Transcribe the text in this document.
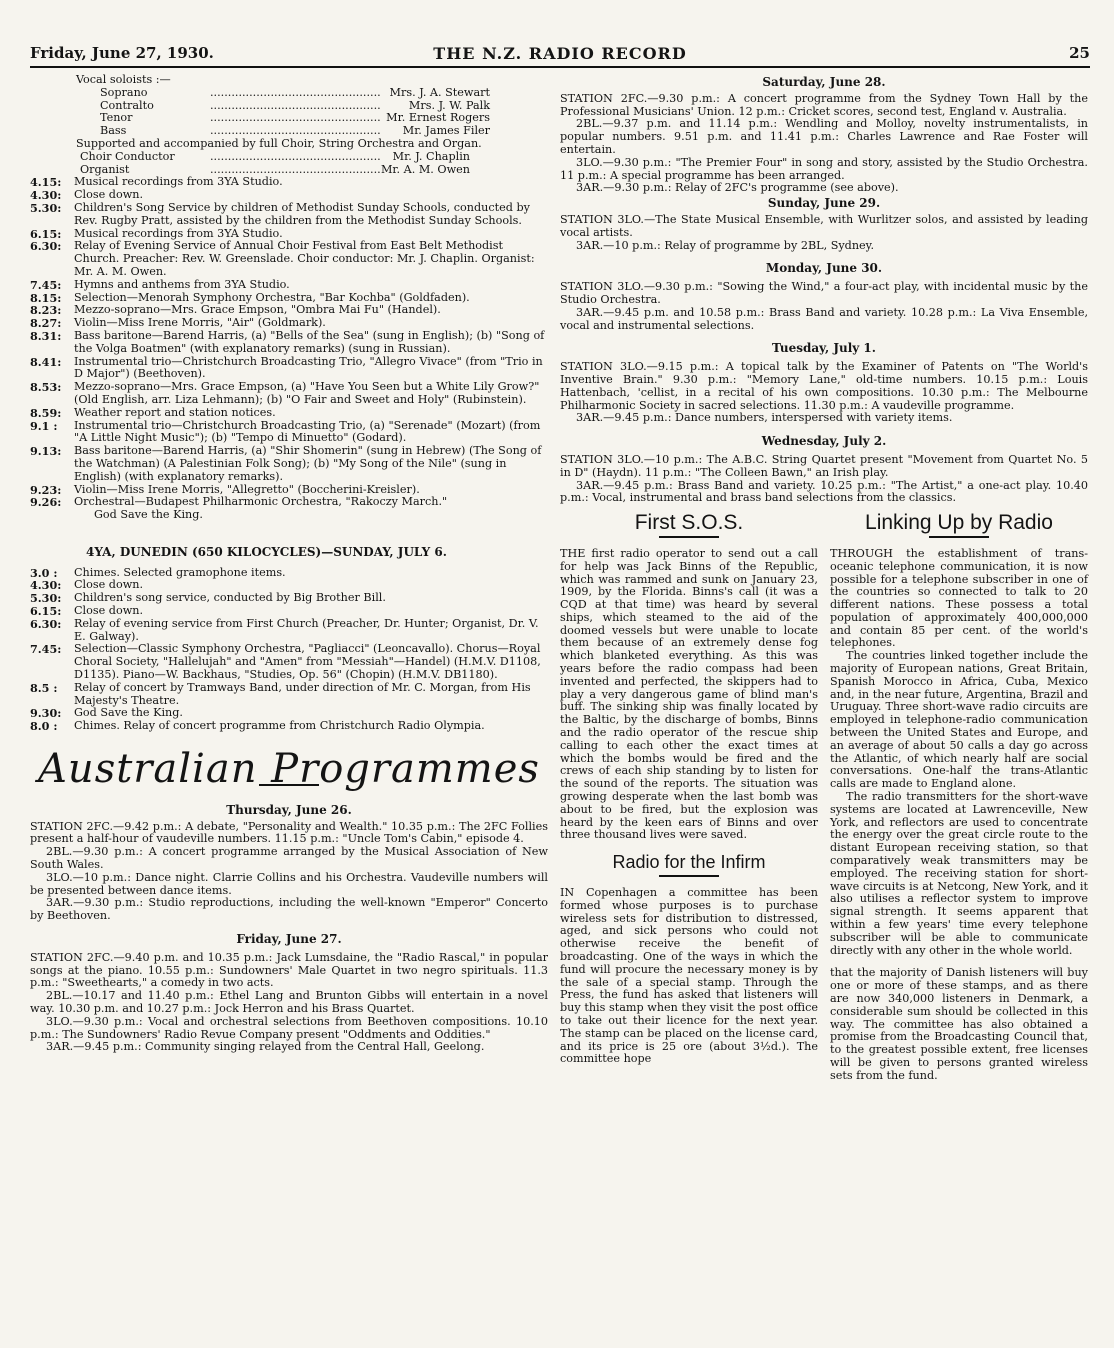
Friday, June 27, 1930.	THE N.Z. RADIO RECORD	25
Vocal soloists :—
Soprano	................................................ Mrs. J. A. Stewart
Contralto	................................................	Mrs. J. W. Palk
Tenor	................................................ Mr. Ernest Rogers
Bass	................................................	Mr. James Filer
Supported and accompanied by full Choir, String Orchestra and Organ.
Choir Conductor	................................................	Mr. J. Chaplin
Organist	................................................ Mr. A. M. Owen
4.15:	Musical recordings from 3YA Studio.
4.30:	Close down.
5.30:	Children's Song Service by children of Methodist Sunday Schools, conducted by Rev. Rugby Pratt, assisted by the children from the Methodist Sunday Schools.
6.15:	Musical recordings from 3YA Studio.
6.30:	Relay of Evening Service of Annual Choir Festival from East Belt Methodist Church. Preacher: Rev. W. Greenslade. Choir conductor: Mr. J. Chaplin. Organist: Mr. A. M. Owen.
7.45:	Hymns and anthems from 3YA Studio.
8.15:	Selection—Menorah Symphony Orchestra, "Bar Kochba" (Goldfaden).
8.23:	Mezzo-soprano—Mrs. Grace Empson, "Ombra Mai Fu" (Handel).
8.27:	Violin—Miss Irene Morris, "Air" (Goldmark).
8.31:	Bass baritone—Barend Harris, (a) "Bells of the Sea" (sung in English); (b) "Song of the Volga Boatmen" (with explanatory remarks) (sung in Russian).
8.41:	Instrumental trio—Christchurch Broadcasting Trio, "Allegro Vivace" (from "Trio in D Major") (Beethoven).
8.53:	Mezzo-soprano—Mrs. Grace Empson, (a) "Have You Seen but a White Lily Grow?" (Old English, arr. Liza Lehmann); (b) "O Fair and Sweet and Holy" (Rubinstein).
8.59:	Weather report and station notices.
9.1 :	Instrumental trio—Christchurch Broadcasting Trio, (a) "Serenade" (Mozart) (from "A Little Night Music"); (b) "Tempo di Minuetto" (Godard).
9.13:	Bass baritone—Barend Harris, (a) "Shir Shomerin" (sung in Hebrew) (The Song of the Watchman) (A Palestinian Folk Song); (b) "My Song of the Nile" (sung in English) (with explanatory remarks).
9.23:	Violin—Miss Irene Morris, "Allegretto" (Boccherini-Kreisler).
9.26:	Orchestral—Budapest Philharmonic Orchestra, "Rakoczy March."
God Save the King.
4YA, DUNEDIN (650 KILOCYCLES)—SUNDAY, JULY 6.
3.0 :	Chimes. Selected gramophone items.
4.30:	Close down.
5.30:	Children's song service, conducted by Big Brother Bill.
6.15:	Close down.
6.30:	Relay of evening service from First Church (Preacher, Dr. Hunter; Organist, Dr. V. E. Galway).
7.45:	Selection—Classic Symphony Orchestra, "Pagliacci" (Leoncavallo). Chorus—Royal Choral Society, "Hallelujah" and "Amen" from "Messiah"—Handel) (H.M.V. D1108, D1135). Piano—W. Backhaus, "Studies, Op. 56" (Chopin) (H.M.V. DB1180).
8.5 :	Relay of concert by Tramways Band, under direction of Mr. C. Morgan, from His Majesty's Theatre.
9.30:	God Save the King.
8.0 :	Chimes. Relay of concert programme from Christchurch Radio Olympia.
Australian Programmes
Thursday, June 26.

STATION 2FC.—9.42 p.m.: A debate, "Personality and Wealth." 10.35 p.m.: The 2FC Follies present a half-hour of vaudeville numbers. 11.15 p.m.: "Uncle Tom's Cabin," episode 4.

2BL.—9.30 p.m.: A concert programme arranged by the Musical Association of New South Wales.

3LO.—10 p.m.: Dance night. Clarrie Collins and his Orchestra. Vaudeville numbers will be presented between dance items.

3AR.—9.30 p.m.: Studio reproductions, including the well-known "Emperor" Concerto by Beethoven.

Friday, June 27.

STATION 2FC.—9.40 p.m. and 10.35 p.m.: Jack Lumsdaine, the "Radio Rascal," in popular songs at the piano. 10.55 p.m.: Sundowners' Male Quartet in two negro spirituals. 11.3 p.m.: "Sweethearts," a comedy in two acts.

2BL.—10.17 and 11.40 p.m.: Ethel Lang and Brunton Gibbs will entertain in a novel way. 10.30 p.m. and 10.27 p.m.: Jock Herron and his Brass Quartet.

3LO.—9.30 p.m.: Vocal and orchestral selections from Beethoven compositions. 10.10 p.m.: The Sundowners' Radio Revue Company present "Oddments and Oddities."

3AR.—9.45 p.m.: Community singing relayed from the Central Hall, Geelong.

Saturday, June 28.

STATION 2FC.—9.30 p.m.: A concert programme from the Sydney Town Hall by the Professional Musicians' Union. 12 p.m.: Cricket scores, second test, England v. Australia.

2BL.—9.37 p.m. and 11.14 p.m.: Wendling and Molloy, novelty instrumentalists, in popular numbers. 9.51 p.m. and 11.41 p.m.: Charles Lawrence and Rae Foster will entertain.

3LO.—9.30 p.m.: "The Premier Four" in song and story, assisted by the Studio Orchestra. 11 p.m.: A special programme has been arranged.

3AR.—9.30 p.m.: Relay of 2FC's programme (see above).

Sunday, June 29.

STATION 3LO.—The State Musical Ensemble, with Wurlitzer solos, and assisted by leading vocal artists.

3AR.—10 p.m.: Relay of programme by 2BL, Sydney.

Monday, June 30.

STATION 3LO.—9.30 p.m.: "Sowing the Wind," a four-act play, with incidental music by the Studio Orchestra.

3AR.—9.45 p.m. and 10.58 p.m.: Brass Band and variety. 10.28 p.m.: La Viva Ensemble, vocal and instrumental selections.

Tuesday, July 1.

STATION 3LO.—9.15 p.m.: A topical talk by the Examiner of Patents on "The World's Inventive Brain." 9.30 p.m.: "Memory Lane," old-time numbers. 10.15 p.m.: Louis Hattenbach, 'cellist, in a recital of his own compositions. 10.30 p.m.: The Melbourne Philharmonic Society in sacred selections. 11.30 p.m.: A vaudeville programme.

3AR.—9.45 p.m.: Dance numbers, interspersed with variety items.

Wednesday, July 2.

STATION 3LO.—10 p.m.: The A.B.C. String Quartet present "Movement from Quartet No. 5 in D" (Haydn). 11 p.m.: "The Colleen Bawn," an Irish play.

3AR.—9.45 p.m.: Brass Band and variety. 10.25 p.m.: "The Artist," a one-act play. 10.40 p.m.: Vocal, instrumental and brass band selections from the classics.

First S.O.S.

THE first radio operator to send out a call for help was Jack Binns of the Republic, which was rammed and sunk on January 23, 1909, by the Florida. Binns's call (it was a CQD at that time) was heard by several ships, which steamed to the aid of the doomed vessels but were unable to locate them because of an extremely dense fog which blanketed everything. As this was years before the radio compass had been invented and perfected, the skippers had to play a very dangerous game of blind man's buff. The sinking ship was finally located by the Baltic, by the discharge of bombs, Binns and the radio operator of the rescue ship calling to each other the exact times at which the bombs would be fired and the crews of each ship standing by to listen for the sound of the reports. The situation was growing desperate when the last bomb was about to be fired, but the explosion was heard by the keen ears of Binns and over three thousand lives were saved.

Radio for the Infirm

IN Copenhagen a committee has been formed whose purposes is to purchase wireless sets for distribution to distressed, aged, and sick persons who could not otherwise receive the benefit of broadcasting. One of the ways in which the fund will procure the necessary money is by the sale of a special stamp. Through the Press, the fund has asked that listeners will buy this stamp when they visit the post office to take out their licence for the next year. The stamp can be placed on the license card, and its price is 25 ore (about 3½d.). The committee hope

Linking Up by Radio

THROUGH the establishment of trans-oceanic telephone communication, it is now possible for a telephone subscriber in one of the countries so connected to talk to 20 different nations. These possess a total population of approximately 400,000,000 and contain 85 per cent. of the world's telephones.

The countries linked together include the majority of European nations, Great Britain, Spanish Morocco in Africa, Cuba, Mexico and, in the near future, Argentina, Brazil and Uruguay. Three short-wave radio circuits are employed in telephone-radio communication between the United States and Europe, and an average of about 50 calls a day go across the Atlantic, of which nearly half are social conversations. One-half the trans-Atlantic calls are made to England alone.

The radio transmitters for the short-wave systems are located at Lawrenceville, New York, and reflectors are used to concentrate the energy over the great circle route to the distant European receiving station, so that comparatively weak transmitters may be employed. The receiving station for short-wave circuits is at Netcong, New York, and it also utilises a reflector system to improve signal strength. It seems apparent that within a few years' time every telephone subscriber will be able to communicate directly with any other in the whole world.

that the majority of Danish listeners will buy one or more of these stamps, and as there are now 340,000 listeners in Denmark, a considerable sum should be collected in this way. The committee has also obtained a promise from the Broadcasting Council that, to the greatest possible extent, free licenses will be given to persons granted wireless sets from the fund.
